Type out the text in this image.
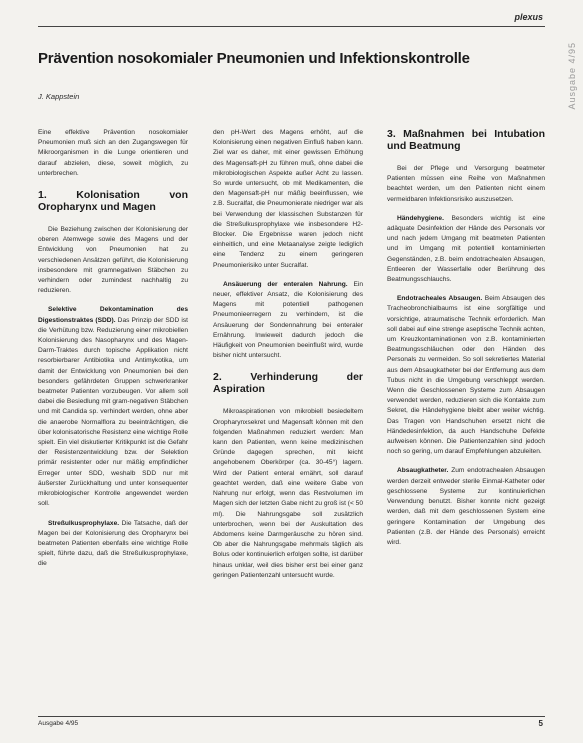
plexus
Ausgabe 4/95
Prävention nosokomialer Pneumonien und Infektionskontrolle
J. Kappstein

Eine effektive Prävention nosokomialer Pneumonien muß sich an den Zugangswegen für Mikroorganismen in die Lunge orientieren und darauf abzielen, diese, soweit möglich, zu unterbrechen.

1. Kolonisation von Oropharynx und Magen

Die Beziehung zwischen der Kolonisierung der oberen Atemwege sowie des Magens und der Entwicklung von Pneumonien hat zu verschiedenen Ansätzen geführt, die Kolonisierung insbesondere mit gramnegativen Stäbchen zu verhindern oder zumindest nachhaltig zu reduzieren.

Selektive Dekontamination des Digestionstraktes (SDD). Das Prinzip der SDD ist die Verhütung bzw. Reduzierung einer mikrobiellen Kolonisierung des Nasopharynx und des Magen-Darm-Traktes durch topische Applikation nicht resorbierbarer Antibiotika und Antimykotika, um damit der Entwicklung von Pneumonien bei den besonders gefährdeten Gruppen schwerkranker beatmeter Patienten vorzubeugen. Vor allem soll dabei die Besiedlung mit gram-negativen Stäbchen und mit Candida sp. verhindert werden, ohne aber die anaerobe Normalflora zu beeinträchtigen, die über kolonisatorische Resistenz eine wichtige Rolle spielt. Ein viel diskutierter Kritikpunkt ist die Gefahr der Resistenzentwicklung bzw. der Selektion primär resistenter oder nur mäßig empfindlicher Erreger unter SDD, weshalb SDD nur mit äußerster Zurückhaltung und unter konsequenter mikrobiologischer Kontrolle angewendet werden soll.

Streßulkusprophylaxe. Die Tatsache, daß der Magen bei der Kolonisierung des Oropharynx bei beatmeten Patienten ebenfalls eine wichtige Rolle spielt, führte dazu, daß die Streßulkusprophylaxe, die

den pH-Wert des Magens erhöht, auf die Kolonisierung einen negativen Einfluß haben kann. Ziel war es daher, mit einer gewissen Erhöhung des Magensaft-pH zu führen muß, ohne dabei die mikrobiologischen Aspekte außer Acht zu lassen. So wurde untersucht, ob mit Medikamenten, die den Magensaft-pH nur mäßig beeinflussen, wie z.B. Sucralfat, die Pneumonierate niedriger war als bei Verwendung der klassischen Substanzen für die Streßulkusprophylaxe wie insbesondere H2-Blocker. Die Ergebnisse waren jedoch nicht einheitlich, und eine Metaanalyse zeigte lediglich eine Tendenz zu einem geringeren Pneumonierisiko unter Sucralfat.

Ansäuerung der enteralen Nahrung. Ein neuer, effektiver Ansatz, die Kolonisierung des Magens mit potentiell pathogenen Pneumonieerregern zu verhindern, ist die Ansäuerung der Sondennahrung bei enteraler Ernährung. Inwieweit dadurch jedoch die Häufigkeit von Pneumonien beeinflußt wird, wurde bisher nicht untersucht.

2. Verhinderung der Aspiration

Mikroaspirationen von mikrobiell besiedeltem Oropharynxsekret und Magensaft können mit den folgenden Maßnahmen reduziert werden: Man kann den Patienten, wenn keine medizinischen Gründe dagegen sprechen, mit leicht angehobenem Oberkörper (ca. 30-45°) lagern. Wird der Patient enteral ernährt, soll darauf geachtet werden, daß eine weitere Gabe von Nahrung nur erfolgt, wenn das Restvolumen im Magen sich der letzten Gabe nicht zu groß ist (< 50 ml). Die Nahrungsgabe soll zusätzlich unterbrochen, wenn bei der Auskultation des Abdomens keine Darmgeräusche zu hören sind. Ob aber die Nahrungsgabe mehrmals täglich als Bolus oder kontinuierlich erfolgen sollte, ist darüber hinaus unklar, weil dies bisher erst bei einer ganz geringen Patientenzahl untersucht wurde.

3. Maßnahmen bei Intubation und Beatmung

Bei der Pflege und Versorgung beatmeter Patienten müssen eine Reihe von Maßnahmen beachtet werden, um den Patienten nicht einem vermeidbaren Infektionsrisiko auszusetzen.

Händehygiene. Besonders wichtig ist eine adäquate Desinfektion der Hände des Personals vor und nach jedem Umgang mit beatmeten Patienten und im Umgang mit potentiell kontaminierten Gegenständen, z.B. beim endotrachealen Absaugen, Entleeren der Wasserfalle oder Berührung des Beatmungsschlauchs.

Endotracheales Absaugen. Beim Absaugen des Tracheobronchialbaums ist eine sorgfältige und vorsichtige, atraumatische Technik erforderlich. Man soll dabei auf eine strenge aseptische Technik achten, um Kreuzkontaminationen von z.B. kontaminierten Beatmungsschläuchen oder den Händen des Personals zu vermeiden. So soll sekretiertes Material aus dem Absaugkatheter bei der Entfernung aus dem Tubus nicht in die Umgebung verschleppt werden. Wenn die Geschlossenen Systeme zum Absaugen verwendet werden, reduzieren sich die Kontakte zum Sekret, die Händehygiene bleibt aber weiter wichtig. Das Tragen von Handschuhen ersetzt nicht die Händedesinfektion, da auch Handschuhe Defekte aufweisen können. Die Patientenzahlen sind jedoch noch so gering, um darauf Empfehlungen abzuleiten.

Absaugkatheter. Zum endotrachealen Absaugen werden derzeit entweder sterile Einmal-Katheter oder geschlossene Systeme zur kontinuierlichen Verwendung benutzt. Bisher konnte nicht gezeigt werden, daß mit dem geschlossenen System eine geringere Kontamination der Umgebung des Patienten (z.B. der Hände des Personals) erreicht wird.

Ausgabe 4/95	5
